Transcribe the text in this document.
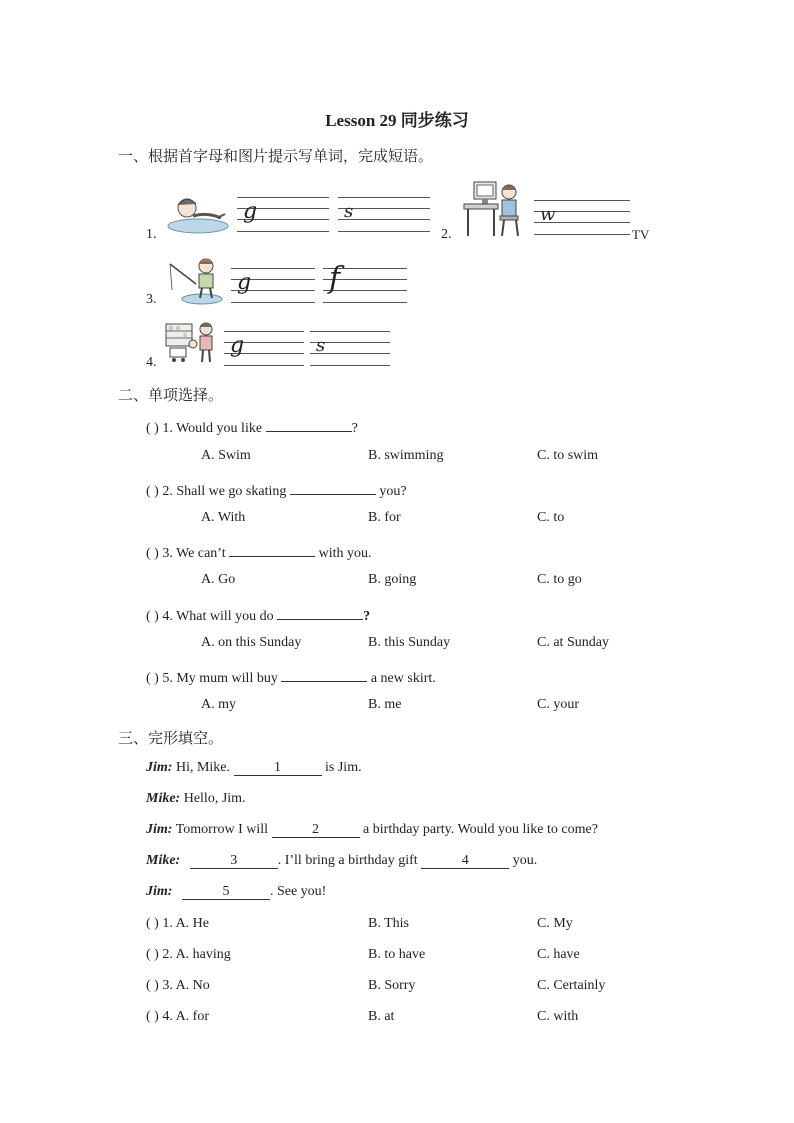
Lesson 29 同步练习
一、根据首字母和图片提示写单词，完成短语。
1.
g	s
2.
w
TV
3.
g	f
4.
g	s
二、单项选择。
( ) 1. Would you like	?
A. Swim	B. swimming	C. to swim
( ) 2. Shall we go skating	you?
A. With	B. for	C. to
( ) 3. We can’t	with you.
A. Go	B. going	C. to go
( ) 4. What will you do	?
A. on this Sunday	B. this Sunday	C. at Sunday
( ) 5. My mum will buy	a new skirt.
A. my	B. me	C. your
三、完形填空。
Jim: Hi, Mike.	1	is Jim.
Mike: Hello, Jim.
Jim: Tomorrow I will	2	a birthday party. Would you like to come?
Mike:	3	. I’ll bring a birthday gift	4	you.
Jim:	5	. See you!
( ) 1. A. He	B. This	C. My
( ) 2. A. having	B. to have	C. have
( ) 3. A. No	B. Sorry	C. Certainly
( ) 4. A. for	B. at	C. with
